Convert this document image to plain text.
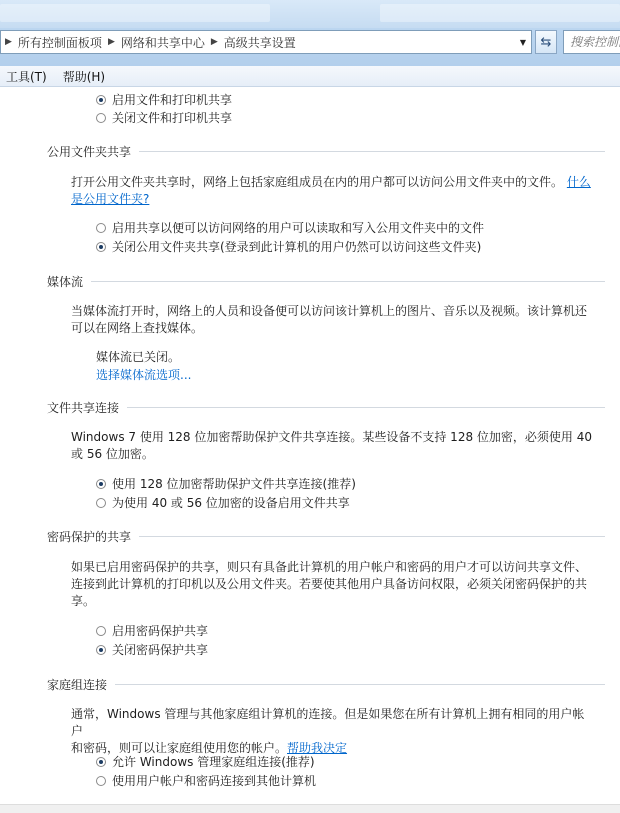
▶ 所有控制面板项 ▶ 网络和共享中心 ▶ 高级共享设置	▼	⇆
搜索控制面板
工具(T)	帮助(H)
启用文件和打印机共享
关闭文件和打印机共享
公用文件夹共享
打开公用文件夹共享时，网络上包括家庭组成员在内的用户都可以访问公用文件夹中的文件。 什么
是公用文件夹?
启用共享以便可以访问网络的用户可以读取和写入公用文件夹中的文件
关闭公用文件夹共享(登录到此计算机的用户仍然可以访问这些文件夹)
媒体流
当媒体流打开时，网络上的人员和设备便可以访问该计算机上的图片、音乐以及视频。该计算机还
可以在网络上查找媒体。
媒体流已关闭。
选择媒体流选项...
文件共享连接
Windows 7 使用 128 位加密帮助保护文件共享连接。某些设备不支持 128 位加密，必须使用 40
或 56 位加密。
使用 128 位加密帮助保护文件共享连接(推荐)
为使用 40 或 56 位加密的设备启用文件共享
密码保护的共享
如果已启用密码保护的共享，则只有具备此计算机的用户帐户和密码的用户才可以访问共享文件、
连接到此计算机的打印机以及公用文件夹。若要使其他用户具备访问权限，必须关闭密码保护的共
享。
启用密码保护共享
关闭密码保护共享
家庭组连接
通常，Windows 管理与其他家庭组计算机的连接。但是如果您在所有计算机上拥有相同的用户帐户
和密码，则可以让家庭组使用您的帐户。帮助我决定
允许 Windows 管理家庭组连接(推荐)
使用用户帐户和密码连接到其他计算机
